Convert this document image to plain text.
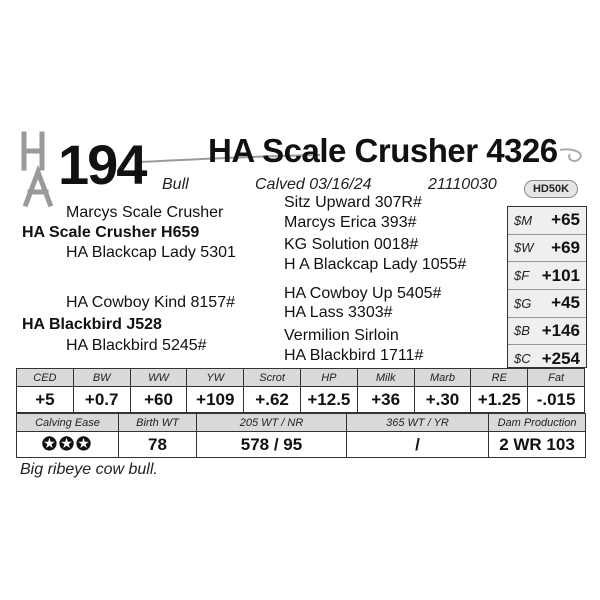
194 HA Scale Crusher 4326
Bull	Calved 03/16/24	21110030	HD50K
Marcys Scale Crusher
HA Scale Crusher H659
HA Blackcap Lady 5301
HA Cowboy Kind 8157#
HA Blackbird J528
HA Blackbird 5245#
Sitz Upward 307R#
Marcys Erica 393#
KG Solution 0018#
H A Blackcap Lady 1055#
HA Cowboy Up 5405#
HA Lass 3303#
Vermilion Sirloin
HA Blackbird 1711#
$M	+65
$W	+69
$F +101
$G	+45
$B +146
$C +254
CED	BW	WW	YW	Scrot	HP	Milk	Marb	RE	Fat
+5	+0.7	+60	+109	+.62	+12.5	+36	+.30	+1.25	-.015
Calving Ease	Birth WT	205 WT / NR	365 WT / YR	Dam Production
✪✪✪	78	578 / 95	/	2 WR 103
Big ribeye cow bull.
